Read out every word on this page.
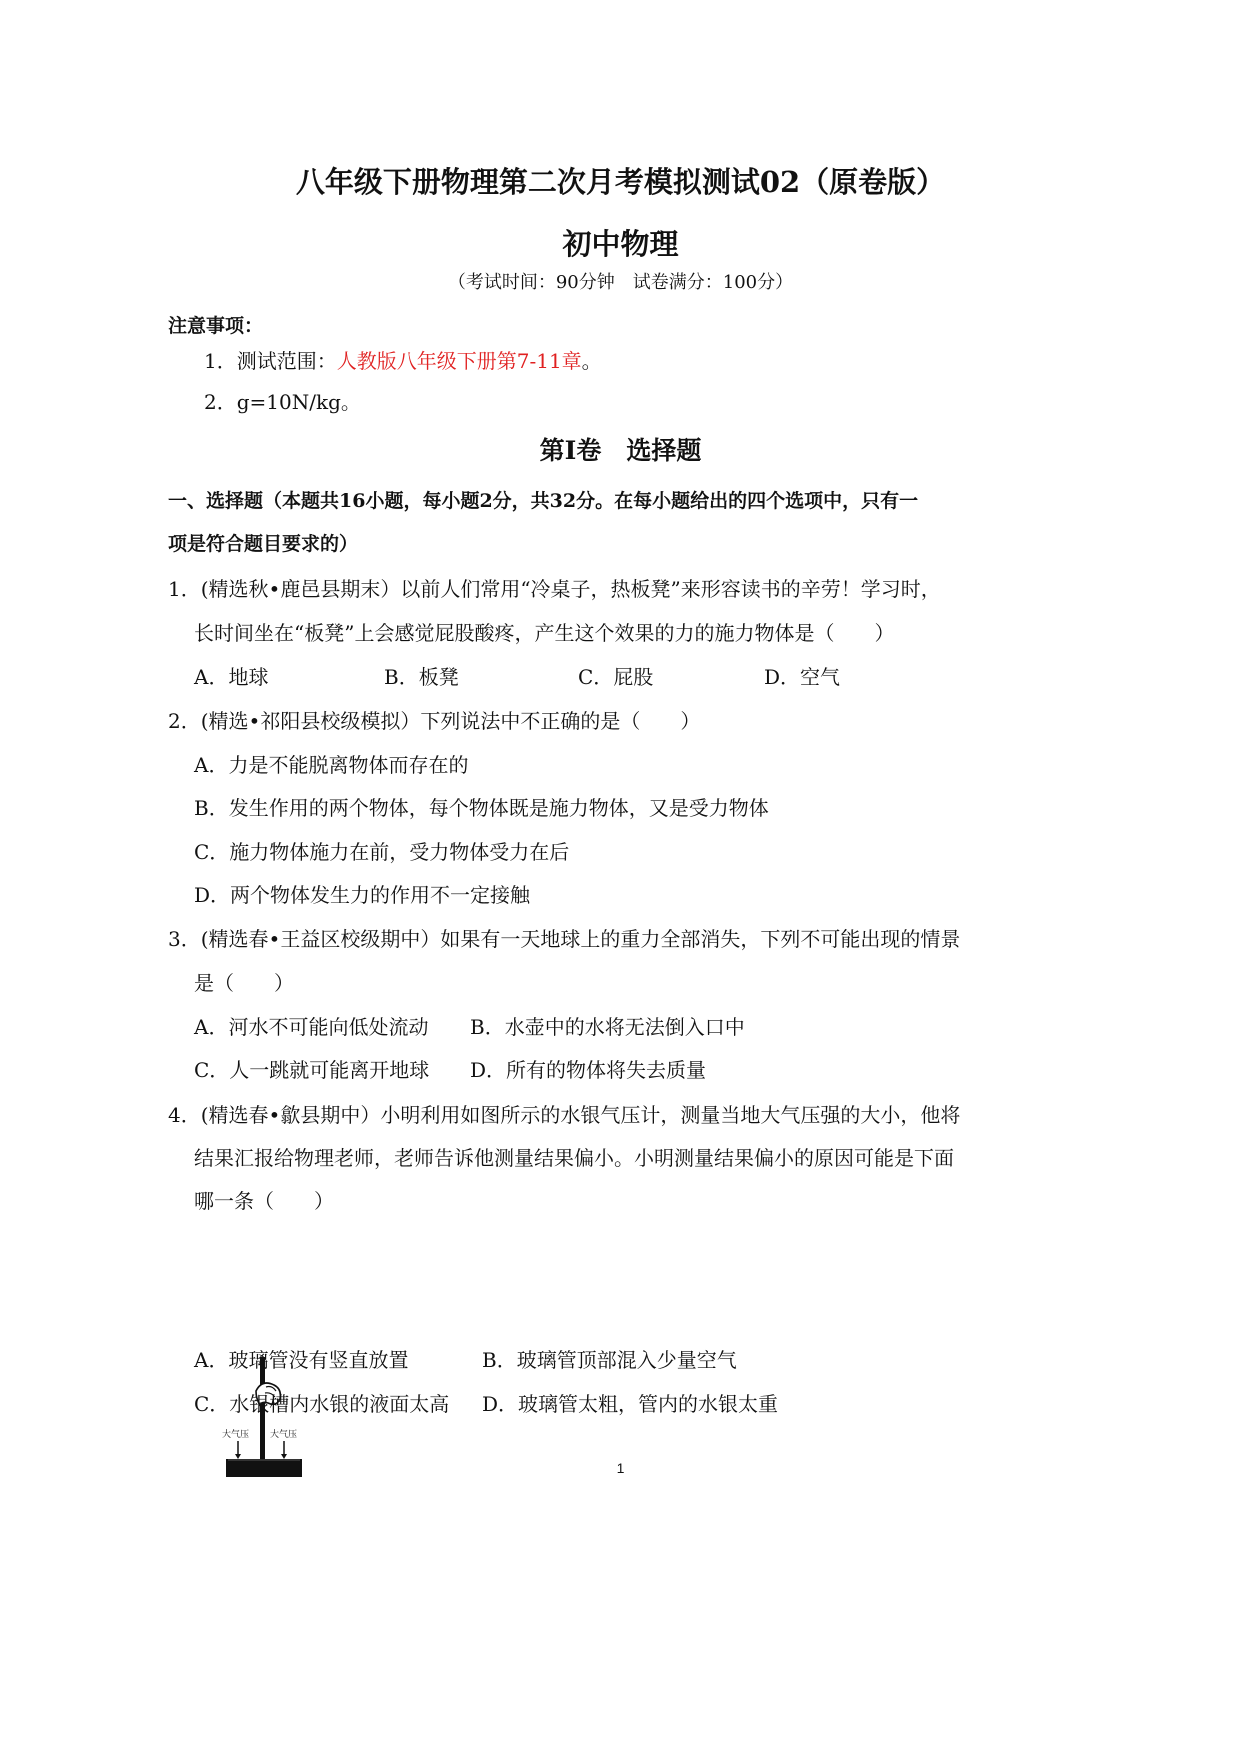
八年级下册物理第二次月考模拟测试02（原卷版）
初中物理
（考试时间：90分钟　试卷满分：100分）
注意事项：
1．测试范围：人教版八年级下册第7-11章。
2．g=10N/kg。
第Ⅰ卷　选择题
一、选择题（本题共16小题，每小题2分，共32分。在每小题给出的四个选项中，只有一
项是符合题目要求的）
1．(精选秋•鹿邑县期末）以前人们常用“冷桌子，热板凳”来形容读书的辛劳！学习时，
长时间坐在“板凳”上会感觉屁股酸疼，产生这个效果的力的施力物体是（　　）
A．地球	B．板凳	C．屁股	D．空气
2．(精选•祁阳县校级模拟）下列说法中不正确的是（　　）
A．力是不能脱离物体而存在的
B．发生作用的两个物体，每个物体既是施力物体，又是受力物体
C．施力物体施力在前，受力物体受力在后
D．两个物体发生力的作用不一定接触
3．(精选春•王益区校级期中）如果有一天地球上的重力全部消失，下列不可能出现的情景
是（　　）
A．河水不可能向低处流动 B．水壶中的水将无法倒入口中
C．人一跳就可能离开地球 D．所有的物体将失去质量
4．(精选春•歙县期中）小明利用如图所示的水银气压计，测量当地大气压强的大小，他将
结果汇报给物理老师，老师告诉他测量结果偏小。小明测量结果偏小的原因可能是下面
哪一条（　　）
大气压 大气压
A．玻璃管没有竖直放置	B．玻璃管顶部混入少量空气
C．水银槽内水银的液面太高 D．玻璃管太粗，管内的水银太重
1
